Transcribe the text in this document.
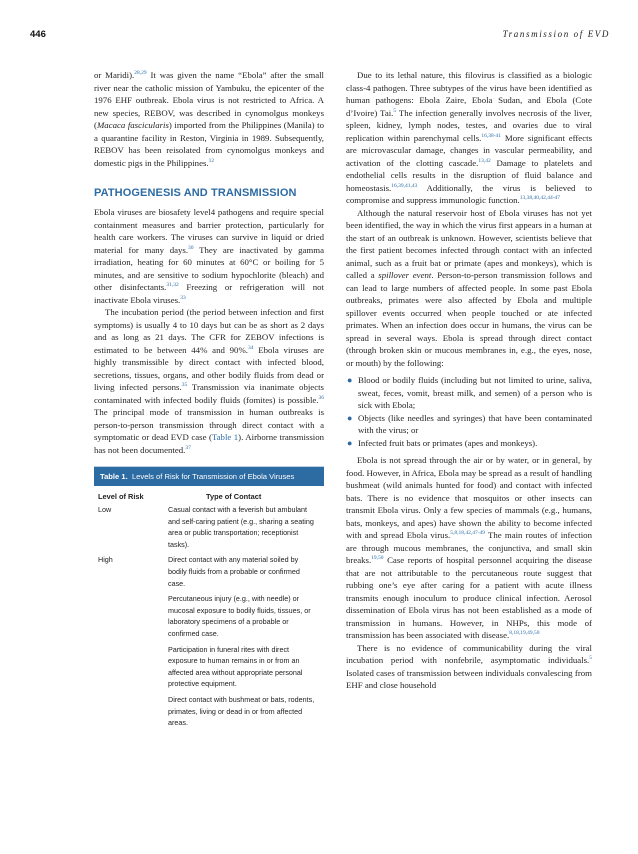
446	Transmission of EVD

or Maridi).$^{28,29}$ It was given the name “Ebola” after the small river near the catholic mission of Yambuku, the epicenter of the 1976 EHF outbreak. Ebola virus is not restricted to Africa. A new species, REBOV, was described in cynomolgus monkeys (Macaca fascicularis) imported from the Philippines (Manila) to a quarantine facility in Reston, Virginia in 1989. Subsequently, REBOV has been reisolated from cynomolgus monkeys and domestic pigs in the Philippines.$^{12}$

PATHOGENESIS AND TRANSMISSION

Ebola viruses are biosafety level4 pathogens and require special containment measures and barrier protection, particularly for health care workers. The viruses can survive in liquid or dried material for many days.$^{30}$ They are inactivated by gamma irradiation, heating for 60 minutes at 60°C or boiling for 5 minutes, and are sensitive to sodium hypochlorite (bleach) and other disinfectants.$^{31,32}$ Freezing or refrigeration will not inactivate Ebola viruses.$^{33}$

The incubation period (the period between infection and first symptoms) is usually 4 to 10 days but can be as short as 2 days and as long as 21 days. The CFR for ZEBOV infections is estimated to be between 44% and 90%.$^{34}$ Ebola viruses are highly transmissible by direct contact with infected blood, secretions, tissues, organs, and other bodily fluids from dead or living infected persons.$^{35}$ Transmission via inanimate objects contaminated with infected bodily fluids (fomites) is possible.$^{36}$ The principal mode of transmission in human outbreaks is person-to-person transmission through direct contact with a symptomatic or dead EVD case (Table 1). Airborne transmission has not been documented.$^{37}$

Table 1. Levels of Risk for Transmission of Ebola Viruses
Level of Risk	Type of Contact
Low	Casual contact with a feverish but ambulant and self-caring patient (e.g., sharing a seating area or public transportation; receptionist tasks).
High	Direct contact with any material soiled by bodily fluids from a probable or confirmed case.
Percutaneous injury (e.g., with needle) or mucosal exposure to bodily fluids, tissues, or laboratory specimens of a probable or confirmed case.
Participation in funeral rites with direct exposure to human remains in or from an affected area without appropriate personal protective equipment.
Direct contact with bushmeat or bats, rodents, primates, living or dead in or from affected areas.

Due to its lethal nature, this filovirus is classified as a biologic class-4 pathogen. Three subtypes of the virus have been identified as human pathogens: Ebola Zaire, Ebola Sudan, and Ebola (Cote d’Ivoire) Tai.$^5$ The infection generally involves necrosis of the liver, spleen, kidney, lymph nodes, testes, and ovaries due to viral replication within parenchymal cells.$^{16,38-41}$ More significant effects are microvascular damage, changes in vascular permeability, and activation of the clotting cascade.$^{13,42}$ Damage to platelets and endothelial cells results in the disruption of fluid balance and homeostasis.$^{16,39,41,43}$ Additionally, the virus is believed to compromise and suppress immunologic function.$^{13,38,40,42,44-47}$

Although the natural reservoir host of Ebola viruses has not yet been identified, the way in which the virus first appears in a human at the start of an outbreak is unknown. However, scientists believe that the first patient becomes infected through contact with an infected animal, such as a fruit bat or primate (apes and monkeys), which is called a spillover event. Person-to-person transmission follows and can lead to large numbers of affected people. In some past Ebola outbreaks, primates were also affected by Ebola and multiple spillover events occurred when people touched or ate infected primates. When an infection does occur in humans, the virus can be spread in several ways. Ebola is spread through direct contact (through broken skin or mucous membranes in, e.g., the eyes, nose, or mouth) by the following:

● Blood or bodily fluids (including but not limited to urine, saliva, sweat, feces, vomit, breast milk, and semen) of a person who is sick with Ebola;
● Objects (like needles and syringes) that have been contaminated with the virus; or
● Infected fruit bats or primates (apes and monkeys).

Ebola is not spread through the air or by water, or in general, by food. However, in Africa, Ebola may be spread as a result of handling bushmeat (wild animals hunted for food) and contact with infected bats. There is no evidence that mosquitos or other insects can transmit Ebola virus. Only a few species of mammals (e.g., humans, bats, monkeys, and apes) have shown the ability to become infected with and spread Ebola virus.$^{5,8,18,42,47-49}$ The main routes of infection are through mucous membranes, the conjunctiva, and small skin breaks.$^{19,50}$ Case reports of hospital personnel acquiring the disease that are not attributable to the percutaneous route suggest that rubbing one’s eye after caring for a patient with acute illness transmits enough inoculum to produce clinical infection. Aerosol dissemination of Ebola virus has not been established as a mode of transmission in humans. However, in NHPs, this mode of transmission has been associated with disease.$^{8,18,19,49,50}$

There is no evidence of communicability during the viral incubation period with nonfebrile, asymptomatic individuals.$^5$ Isolated cases of transmission between individuals convalescing from EHF and close household
